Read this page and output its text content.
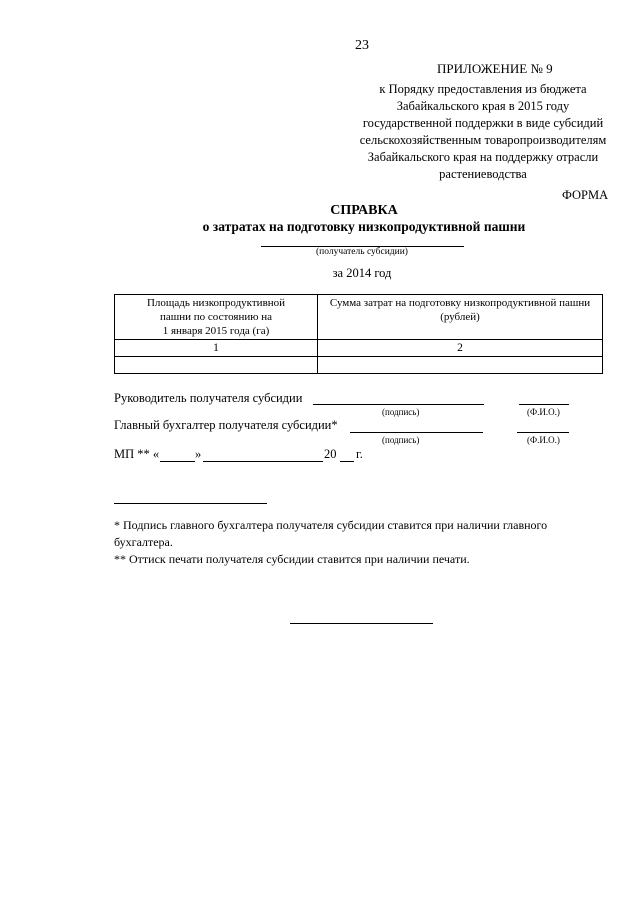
23
ПРИЛОЖЕНИЕ № 9
к Порядку предоставления из бюджета
Забайкальского края в 2015 году
государственной поддержки в виде субсидий
сельскохозяйственным товаропроизводителям
Забайкальского края на поддержку отрасли
растениеводства
ФОРМА
СПРАВКА
о затратах на подготовку низкопродуктивной пашни
(получатель субсидии)
за 2014 год
Площадь низкопродуктивной
пашни по состоянию на
1 января 2015 года (га)	Сумма затрат на подготовку низкопродуктивной пашни
(рублей)

1	2

Руководитель получателя субсидии
(подпись)	(Ф.И.О.)
Главный бухгалтер получателя субсидии*
(подпись)	(Ф.И.О.)
МП ** «	»	20 г.
* Подпись главного бухгалтера получателя субсидии ставится при наличии главного
бухгалтера.
** Оттиск печати получателя субсидии ставится при наличии печати.
